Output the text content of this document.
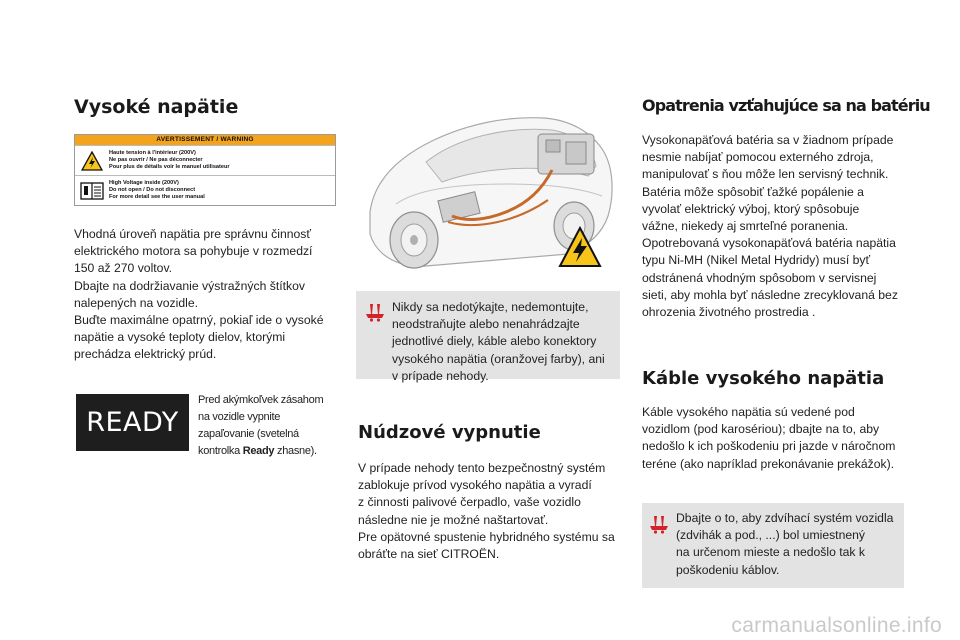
Vysoké napätie
AVERTISSEMENT / WARNING
Haute tension à l'intérieur (200V)
Ne pas ouvrir / Ne pas déconnecter
Pour plus de détails voir le manuel utilisateur
High Voltage inside (200V)
Do not open / Do not disconnect
For more detail see the user manual

Vhodná úroveň napätia pre správnu činnosť

elektrického motora sa pohybuje v rozmedzí

150 až 270 voltov.

Dbajte na dodržiavanie výstražných štítkov

nalepených na vozidle.

Buďte maximálne opatrný, pokiaľ ide o vysoké

napätie a vysoké teploty dielov, ktorými

prechádza elektrický prúd.

READY
Pred akýmkoľvek zásahom
na vozidle vypnite
zapaľovanie (svetelná
kontrolka Ready zhasne).

Nikdy sa nedotýkajte, nedemontujte,

neodstraňujte alebo nenahrádzajte

jednotlivé diely, káble alebo konektory

vysokého napätia (oranžovej farby), ani

v prípade nehody.

Núdzové vypnutie

V prípade nehody tento bezpečnostný systém

zablokuje prívod vysokého napätia a vyradí

z činnosti palivové čerpadlo, vaše vozidlo

následne nie je možné naštartovať.

Pre opätovné spustenie hybridného systému sa

obráťte na sieť CITROËN.

Opatrenia vzťahujúce sa na batériu

Vysokonapäťová batéria sa v žiadnom prípade

nesmie nabíjať pomocou externého zdroja,

manipulovať s ňou môže len servisný technik.

Batéria môže spôsobiť ťažké popálenie a

vyvolať elektrický výboj, ktorý spôsobuje

vážne, niekedy aj smrteľné poranenia.

Opotrebovaná vysokonapäťová batéria napätia

typu Ni-MH (Nikel Metal Hydridy) musí byť

odstránená vhodným spôsobom v servisnej

sieti, aby mohla byť následne zrecyklovaná bez

ohrozenia životného prostredia .

Káble vysokého napätia

Káble vysokého napätia sú vedené pod

vozidlom (pod karosériou); dbajte na to, aby

nedošlo k ich poškodeniu pri jazde v náročnom

teréne (ako napríklad prekonávanie prekážok).

Dbajte o to, aby zdvíhací systém vozidla

(zdvihák a pod., ...) bol umiestnený

na určenom mieste a nedošlo tak k

poškodeniu káblov.

carmanualsonline.info
